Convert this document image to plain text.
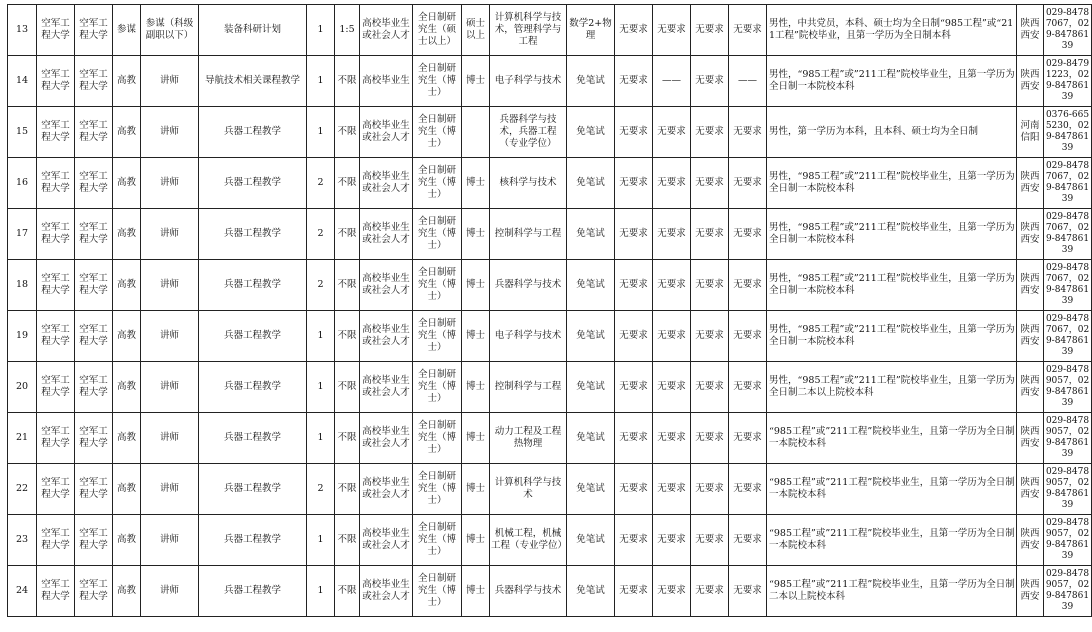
13	空军工程大学	空军工程大学	参谋	参谋（科级副职以下）	装备科研计划	1	1:5	高校毕业生或社会人才	全日制研究生（硕士以上）	硕士以上	计算机科学与技术，管理科学与工程	数学2+物理	无要求	无要求	无要求	无要求	男性，中共党员，本科、硕士均为全日制“985工程”或“211工程”院校毕业，且第一学历为全日制本科	陕西西安	029-84787067，029-84786139
14	空军工程大学	空军工程大学	高教	讲师	导航技术相关课程教学	1	不限	高校毕业生	全日制研究生（博士）	博士	电子科学与技术	免笔试	无要求	——	无要求	——	男性，“985工程”或”211工程”院校毕业生，且第一学历为全日制一本院校本科	陕西西安	029-84791223，029-84786139
15	空军工程大学	空军工程大学	高教	讲师	兵器工程教学	1	不限	高校毕业生或社会人才	全日制研究生（博士）		兵器科学与技术，兵器工程（专业学位）	免笔试	无要求	无要求	无要求	无要求	男性，第一学历为本科，且本科、硕士均为全日制	河南信阳	0376-6655230，029-84786139
16	空军工程大学	空军工程大学	高教	讲师	兵器工程教学	2	不限	高校毕业生或社会人才	全日制研究生（博士）	博士	核科学与技术	免笔试	无要求	无要求	无要求	无要求	男性，“985工程”或”211工程”院校毕业生，且第一学历为全日制一本院校本科	陕西西安	029-84787067，029-84786139
17	空军工程大学	空军工程大学	高教	讲师	兵器工程教学	2	不限	高校毕业生或社会人才	全日制研究生（博士）	博士	控制科学与工程	免笔试	无要求	无要求	无要求	无要求	男性，“985工程”或”211工程”院校毕业生，且第一学历为全日制一本院校本科	陕西西安	029-84787067，029-84786139
18	空军工程大学	空军工程大学	高教	讲师	兵器工程教学	2	不限	高校毕业生或社会人才	全日制研究生（博士）	博士	兵器科学与技术	免笔试	无要求	无要求	无要求	无要求	男性，“985工程”或”211工程”院校毕业生，且第一学历为全日制一本院校本科	陕西西安	029-84787067，029-84786139
19	空军工程大学	空军工程大学	高教	讲师	兵器工程教学	1	不限	高校毕业生或社会人才	全日制研究生（博士）	博士	电子科学与技术	免笔试	无要求	无要求	无要求	无要求	男性，“985工程”或”211工程”院校毕业生，且第一学历为全日制一本院校本科	陕西西安	029-84787067，029-84786139
20	空军工程大学	空军工程大学	高教	讲师	兵器工程教学	1	不限	高校毕业生或社会人才	全日制研究生（博士）	博士	控制科学与工程	免笔试	无要求	无要求	无要求	无要求	男性，“985工程”或”211工程”院校毕业生，且第一学历为全日制二本以上院校本科	陕西西安	029-84789057，029-84786139
21	空军工程大学	空军工程大学	高教	讲师	兵器工程教学	1	不限	高校毕业生或社会人才	全日制研究生（博士）	博士	动力工程及工程热物理	免笔试	无要求	无要求	无要求	无要求	“985工程”或”211工程”院校毕业生，且第一学历为全日制一本院校本科	陕西西安	029-84789057，029-84786139
22	空军工程大学	空军工程大学	高教	讲师	兵器工程教学	2	不限	高校毕业生或社会人才	全日制研究生（博士）	博士	计算机科学与技术	免笔试	无要求	无要求	无要求	无要求	“985工程”或”211工程”院校毕业生，且第一学历为全日制一本院校本科	陕西西安	029-84789057，029-84786139
23	空军工程大学	空军工程大学	高教	讲师	兵器工程教学	1	不限	高校毕业生或社会人才	全日制研究生（博士）	博士	机械工程，机械工程（专业学位）	免笔试	无要求	无要求	无要求	无要求	“985工程”或”211工程”院校毕业生，且第一学历为全日制一本院校本科	陕西西安	029-84789057，029-84786139
24	空军工程大学	空军工程大学	高教	讲师	兵器工程教学	1	不限	高校毕业生或社会人才	全日制研究生（博士）	博士	兵器科学与技术	免笔试	无要求	无要求	无要求	无要求	“985工程”或”211工程”院校毕业生，且第一学历为全日制二本以上院校本科	陕西西安	029-84789057，029-84786139
